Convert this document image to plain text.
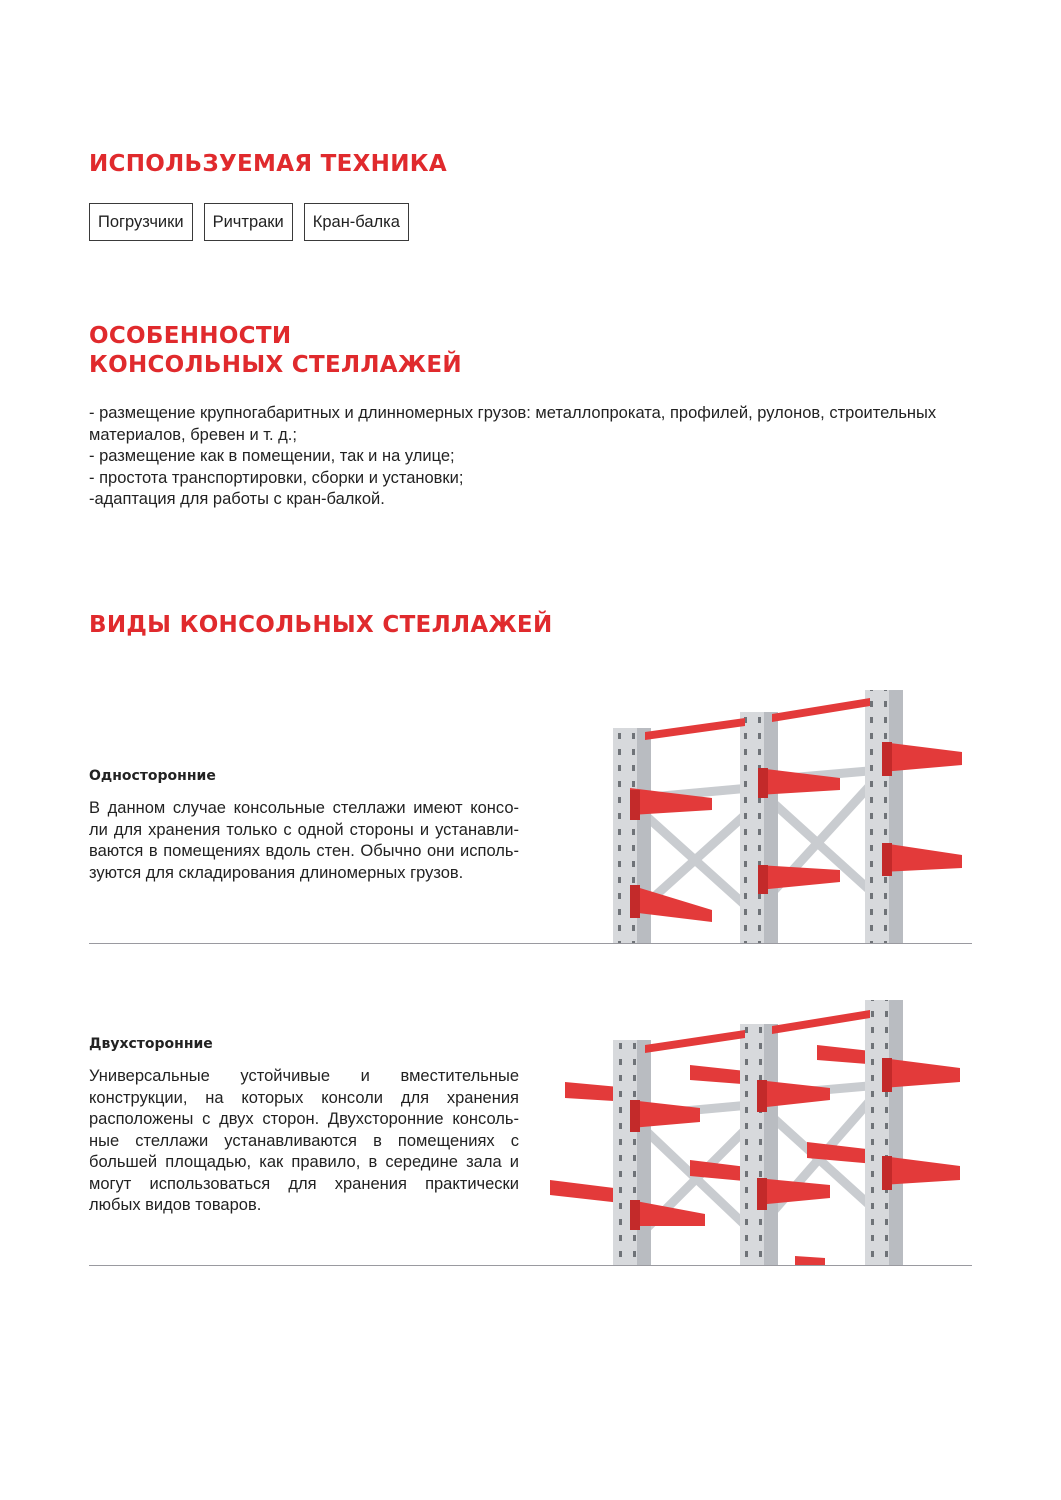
ИСПОЛЬЗУЕМАЯ ТЕХНИКА
Погрузчики	Ричтраки	Кран-балка
ОСОБЕННОСТИ
КОНСОЛЬНЫХ СТЕЛЛАЖЕЙ
- размещение крупногабаритных и длинномерных грузов: металлопроката, профилей, рулонов, строительных материалов, бревен и т. д.;
- размещение как в помещении, так и на улице;
- простота транспортировки, сборки и установки;
-адаптация для работы с кран-балкой.
ВИДЫ КОНСОЛЬНЫХ СТЕЛЛАЖЕЙ
Односторонние

В данном случае консольные стеллажи имеют консо-ли для хранения только с одной стороны и устанавли-ваются в помещениях вдоль стен. Обычно они исполь-зуются для складирования длиномерных грузов.

Двухсторонние

Универсальные устойчивые и вместительные конструкции, на которых консоли для хранения расположены с двух сторон. Двухсторонние консоль-ные стеллажи устанавливаются в помещениях с большей площадью, как правило, в середине зала и могут использоваться для хранения практически любых видов товаров.
